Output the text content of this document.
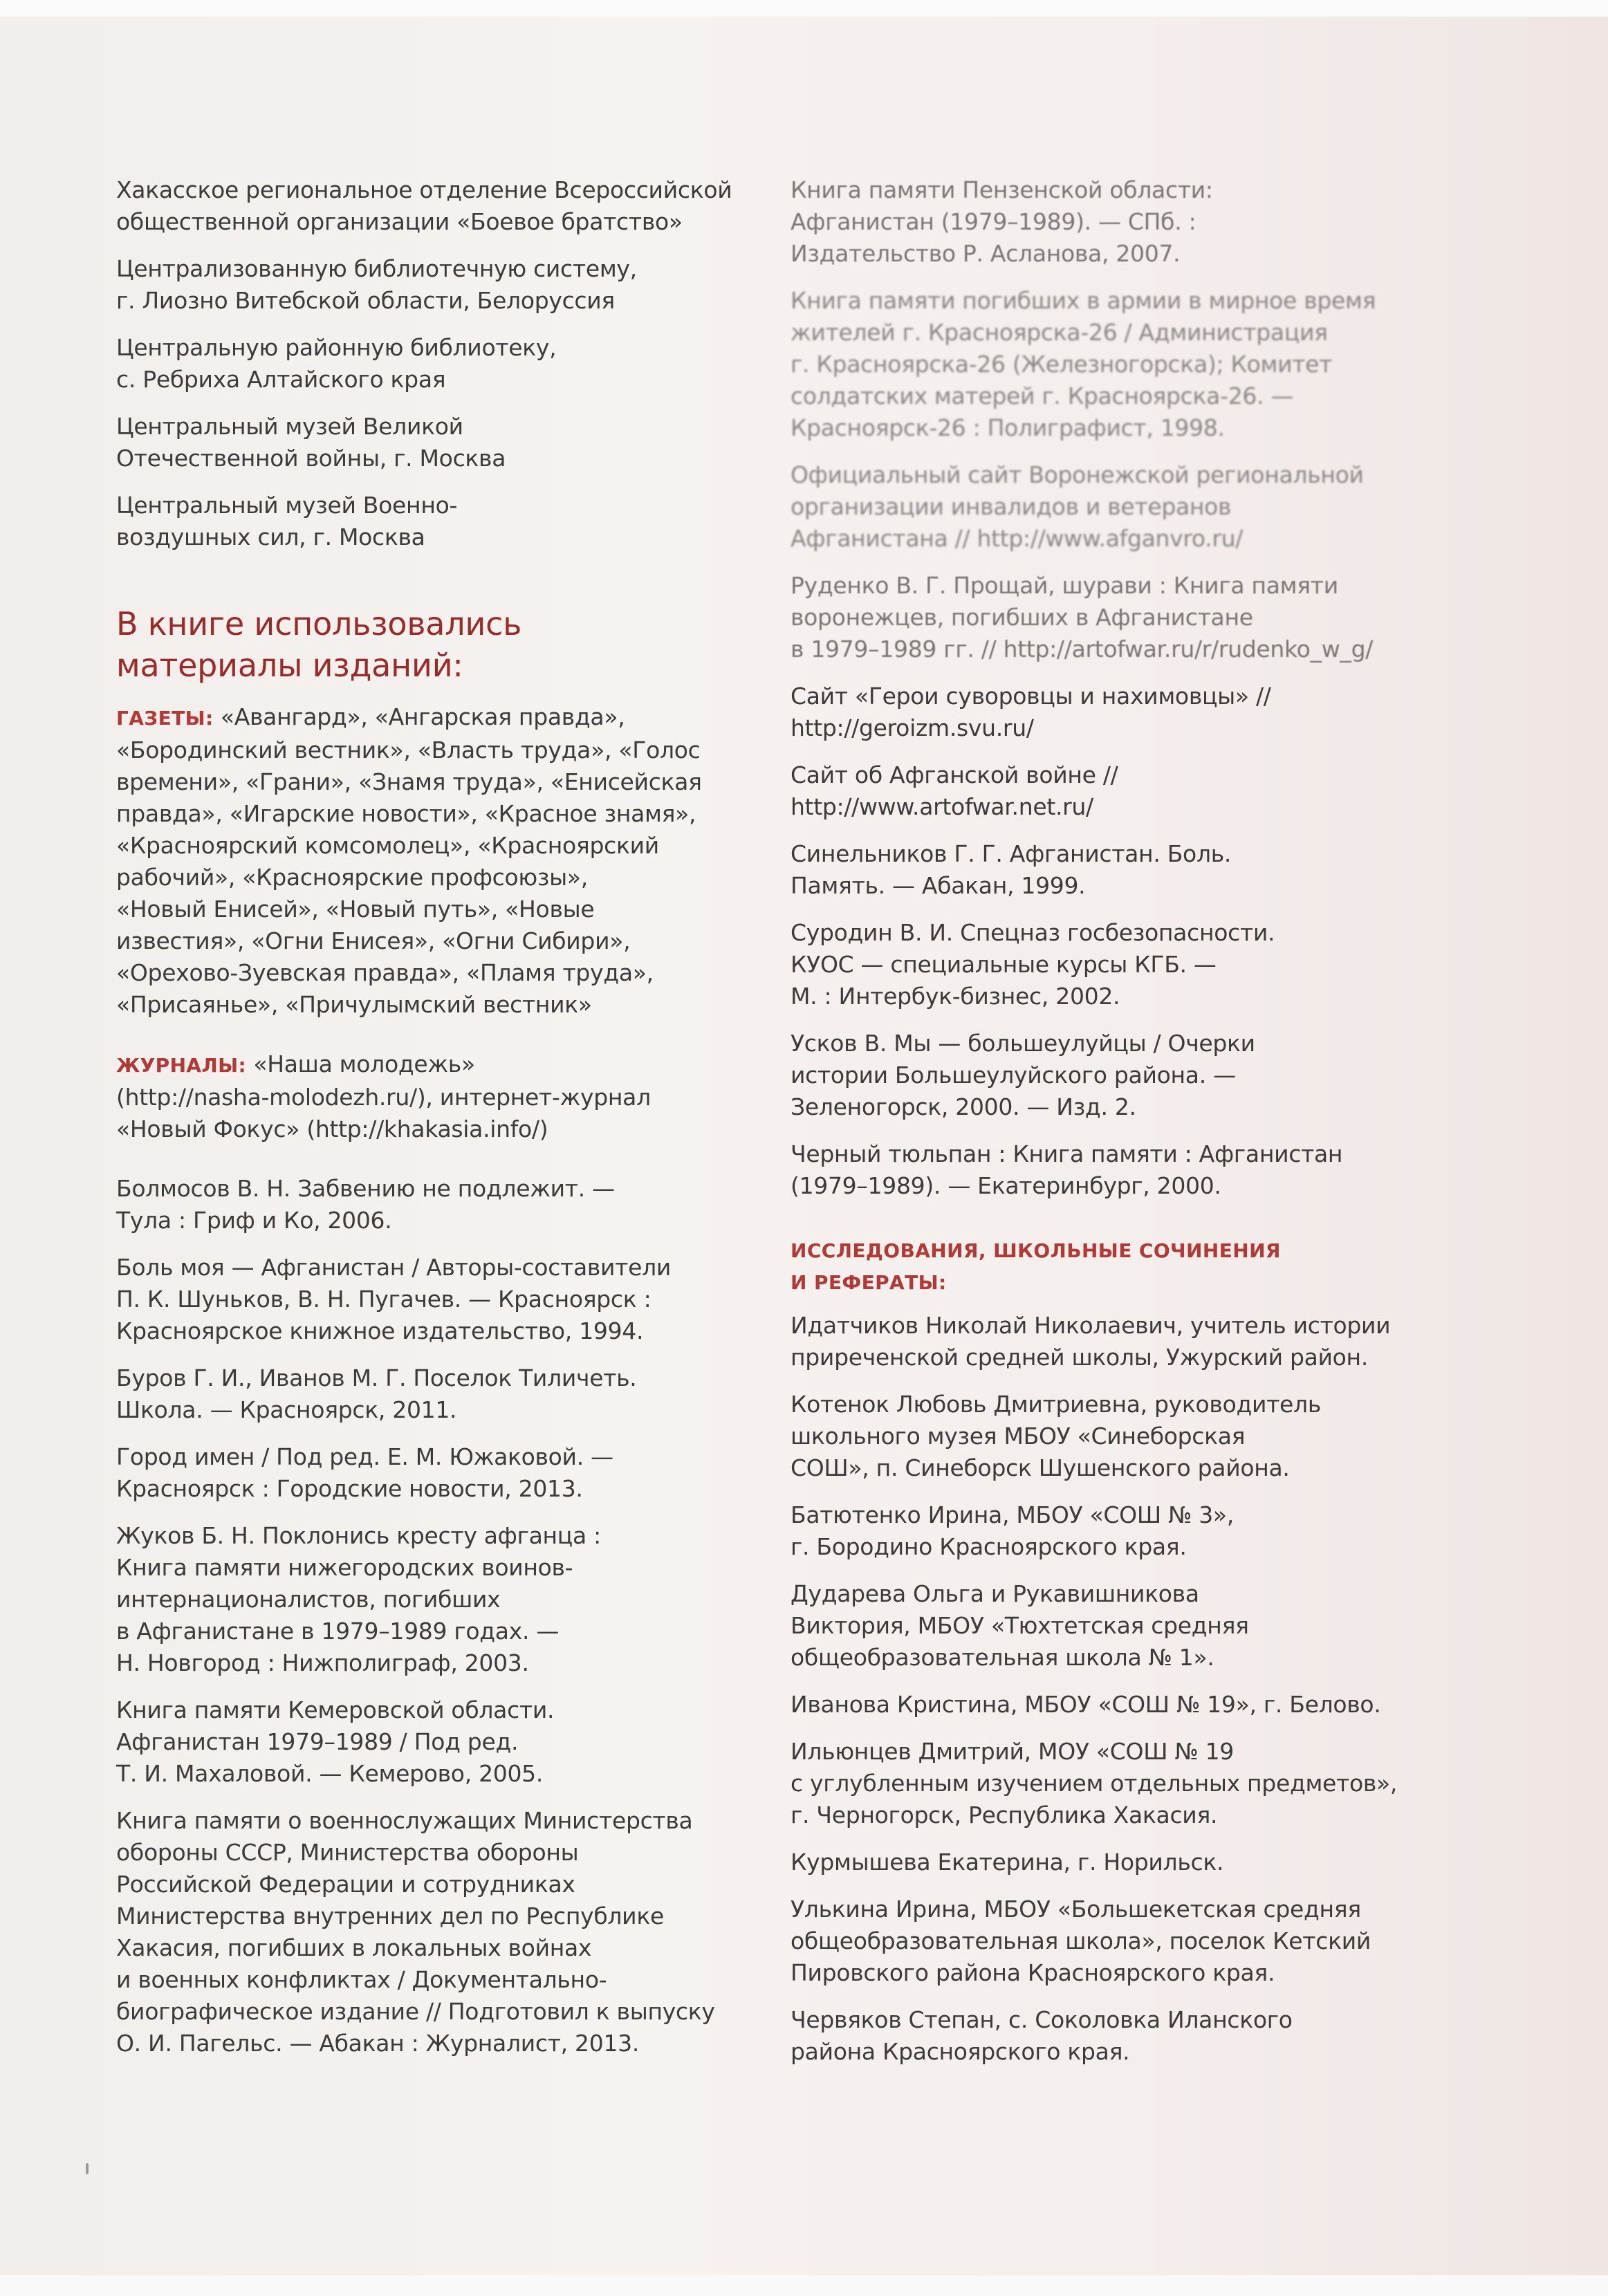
Хакасское региональное отделение Всероссийской
общественной организации «Боевое братство»

Централизованную библиотечную систему,
г. Лиозно Витебской области, Белоруссия

Центральную районную библиотеку,
с. Ребриха Алтайского края

Центральный музей Великой
Отечественной войны, г. Москва

Центральный музей Военно-
воздушных сил, г. Москва

В книге использовались
материалы изданий:

ГАЗЕТЫ: «Авангард», «Ангарская правда»,
«Бородинский вестник», «Власть труда», «Голос
времени», «Грани», «Знамя труда», «Енисейская
правда», «Игарские новости», «Красное знамя»,
«Красноярский комсомолец», «Красноярский
рабочий», «Красноярские профсоюзы»,
«Новый Енисей», «Новый путь», «Новые
известия», «Огни Енисея», «Огни Сибири»,
«Орехово-Зуевская правда», «Пламя труда»,
«Присаянье», «Причулымский вестник»

ЖУРНАЛЫ: «Наша молодежь»
(http://nasha-molodezh.ru/), интернет-журнал
«Новый Фокус» (http://khakasia.info/)

Болмосов В. Н. Забвению не подлежит. —
Тула : Гриф и Ко, 2006.

Боль моя — Афганистан / Авторы-составители
П. К. Шуньков, В. Н. Пугачев. — Красноярск :
Красноярское книжное издательство, 1994.

Буров Г. И., Иванов М. Г. Поселок Тиличеть.
Школа. — Красноярск, 2011.

Город имен / Под ред. Е. М. Южаковой. —
Красноярск : Городские новости, 2013.

Жуков Б. Н. Поклонись кресту афганца :
Книга памяти нижегородских воинов-
интернационалистов, погибших
в Афганистане в 1979–1989 годах. —
Н. Новгород : Нижполиграф, 2003.

Книга памяти Кемеровской области.
Афганистан 1979–1989 / Под ред.
Т. И. Махаловой. — Кемерово, 2005.

Книга памяти о военнослужащих Министерства
обороны СССР, Министерства обороны
Российской Федерации и сотрудниках
Министерства внутренних дел по Республике
Хакасия, погибших в локальных войнах
и военных конфликтах / Документально-
биографическое издание // Подготовил к выпуску
О. И. Пагельс. — Абакан : Журналист, 2013.

Книга памяти Пензенской области:
Афганистан (1979–1989). — СПб. :
Издательство Р. Асланова, 2007.

Книга памяти погибших в армии в мирное время
жителей г. Красноярска-26 / Администрация
г. Красноярска-26 (Железногорска); Комитет
солдатских матерей г. Красноярска-26. —
Красноярск-26 : Полиграфист, 1998.

Официальный сайт Воронежской региональной
организации инвалидов и ветеранов
Афганистана // http://www.afganvro.ru/

Руденко В. Г. Прощай, шурави : Книга памяти
воронежцев, погибших в Афганистане
в 1979–1989 гг. // http://artofwar.ru/r/rudenko_w_g/

Сайт «Герои суворовцы и нахимовцы» //
http://geroizm.svu.ru/

Сайт об Афганской войне //
http://www.artofwar.net.ru/

Синельников Г. Г. Афганистан. Боль.
Память. — Абакан, 1999.

Суродин В. И. Спецназ госбезопасности.
КУОС — специальные курсы КГБ. —
М. : Интербук-бизнес, 2002.

Усков В. Мы — большеулуйцы / Очерки
истории Большеулуйского района. —
Зеленогорск, 2000. — Изд. 2.

Черный тюльпан : Книга памяти : Афганистан
(1979–1989). — Екатеринбург, 2000.

ИССЛЕДОВАНИЯ, ШКОЛЬНЫЕ СОЧИНЕНИЯ
И РЕФЕРАТЫ:

Идатчиков Николай Николаевич, учитель истории
приреченской средней школы, Ужурский район.

Котенок Любовь Дмитриевна, руководитель
школьного музея МБОУ «Синеборская
СОШ», п. Синеборск Шушенского района.

Батютенко Ирина, МБОУ «СОШ № 3»,
г. Бородино Красноярского края.

Дударева Ольга и Рукавишникова
Виктория, МБОУ «Тюхтетская средняя
общеобразовательная школа № 1».

Иванова Кристина, МБОУ «СОШ № 19», г. Белово.

Ильюнцев Дмитрий, МОУ «СОШ № 19
с углубленным изучением отдельных предметов»,
г. Черногорск, Республика Хакасия.

Курмышева Екатерина, г. Норильск.

Улькина Ирина, МБОУ «Большекетская средняя
общеобразовательная школа», поселок Кетский
Пировского района Красноярского края.

Червяков Степан, с. Соколовка Иланского
района Красноярского края.
